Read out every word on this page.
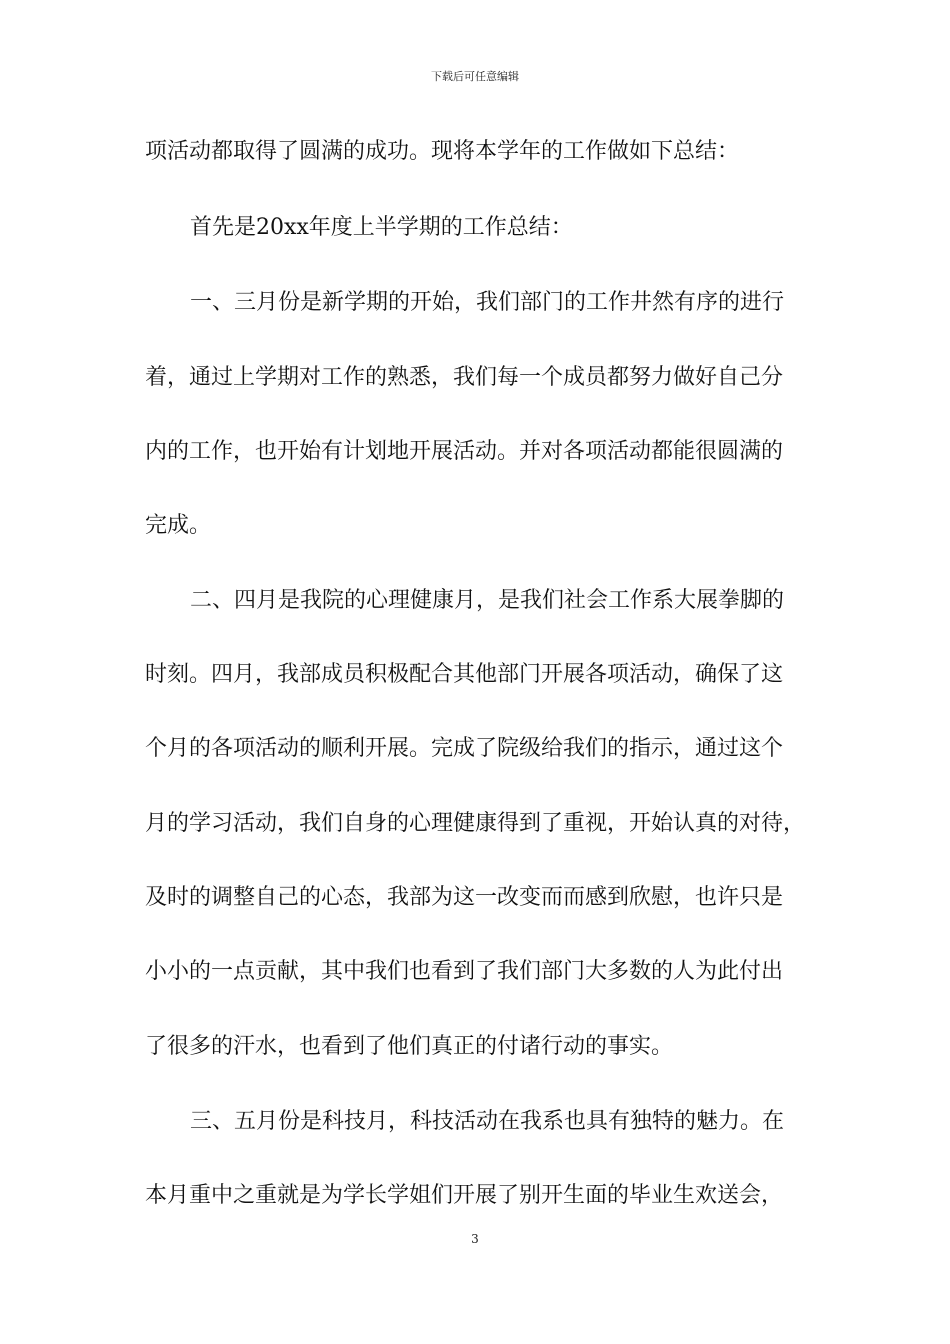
下载后可任意编辑
项活动都取得了圆满的成功。现将本学年的工作做如下总结：
首先是20xx年度上半学期的工作总结：
一、三月份是新学期的开始，我们部门的工作井然有序的进行
着，通过上学期对工作的熟悉，我们每一个成员都努力做好自己分
内的工作，也开始有计划地开展活动。并对各项活动都能很圆满的
完成。
二、四月是我院的心理健康月，是我们社会工作系大展拳脚的
时刻。四月，我部成员积极配合其他部门开展各项活动，确保了这
个月的各项活动的顺利开展。完成了院级给我们的指示，通过这个
月的学习活动，我们自身的心理健康得到了重视，开始认真的对待，
及时的调整自己的心态，我部为这一改变而而感到欣慰，也许只是
小小的一点贡献，其中我们也看到了我们部门大多数的人为此付出
了很多的汗水，也看到了他们真正的付诸行动的事实。
三、五月份是科技月，科技活动在我系也具有独特的魅力。在
本月重中之重就是为学长学姐们开展了别开生面的毕业生欢送会，
3
